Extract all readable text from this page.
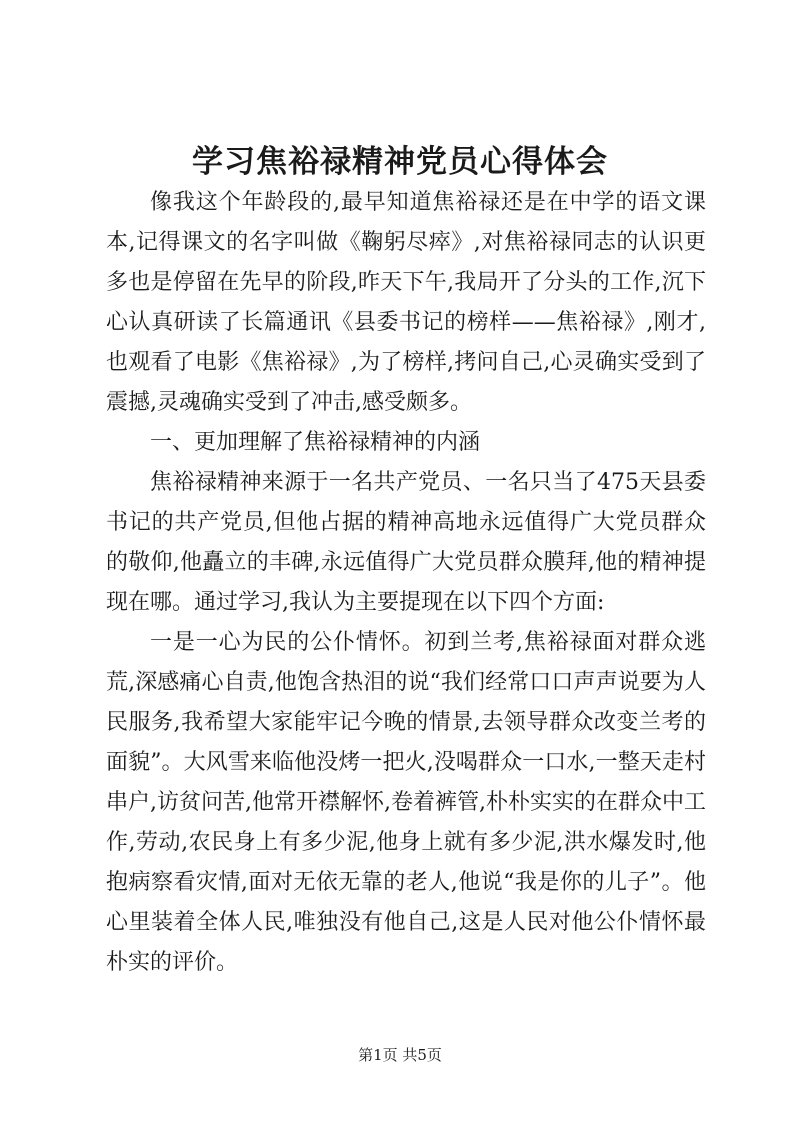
学习焦裕禄精神党员心得体会

像我这个年龄段的,最早知道焦裕禄还是在中学的语文课本,记得课文的名字叫做《鞠躬尽瘁》,对焦裕禄同志的认识更多也是停留在先早的阶段,昨天下午,我局开了分头的工作,沉下心认真研读了长篇通讯《县委书记的榜样——焦裕禄》,刚才,也观看了电影《焦裕禄》,为了榜样,拷问自己,心灵确实受到了震撼,灵魂确实受到了冲击,感受颇多。

一、更加理解了焦裕禄精神的内涵

焦裕禄精神来源于一名共产党员、一名只当了475天县委书记的共产党员,但他占据的精神高地永远值得广大党员群众的敬仰,他矗立的丰碑,永远值得广大党员群众膜拜,他的精神提现在哪。通过学习,我认为主要提现在以下四个方面:

一是一心为民的公仆情怀。初到兰考,焦裕禄面对群众逃荒,深感痛心自责,他饱含热泪的说“我们经常口口声声说要为人民服务,我希望大家能牢记今晚的情景,去领导群众改变兰考的面貌”。大风雪来临他没烤一把火,没喝群众一口水,一整天走村串户,访贫问苦,他常开襟解怀,卷着裤管,朴朴实实的在群众中工作,劳动,农民身上有多少泥,他身上就有多少泥,洪水爆发时,他抱病察看灾情,面对无依无靠的老人,他说“我是你的儿子”。他心里装着全体人民,唯独没有他自己,这是人民对他公仆情怀最朴实的评价。

第1页 共5页
